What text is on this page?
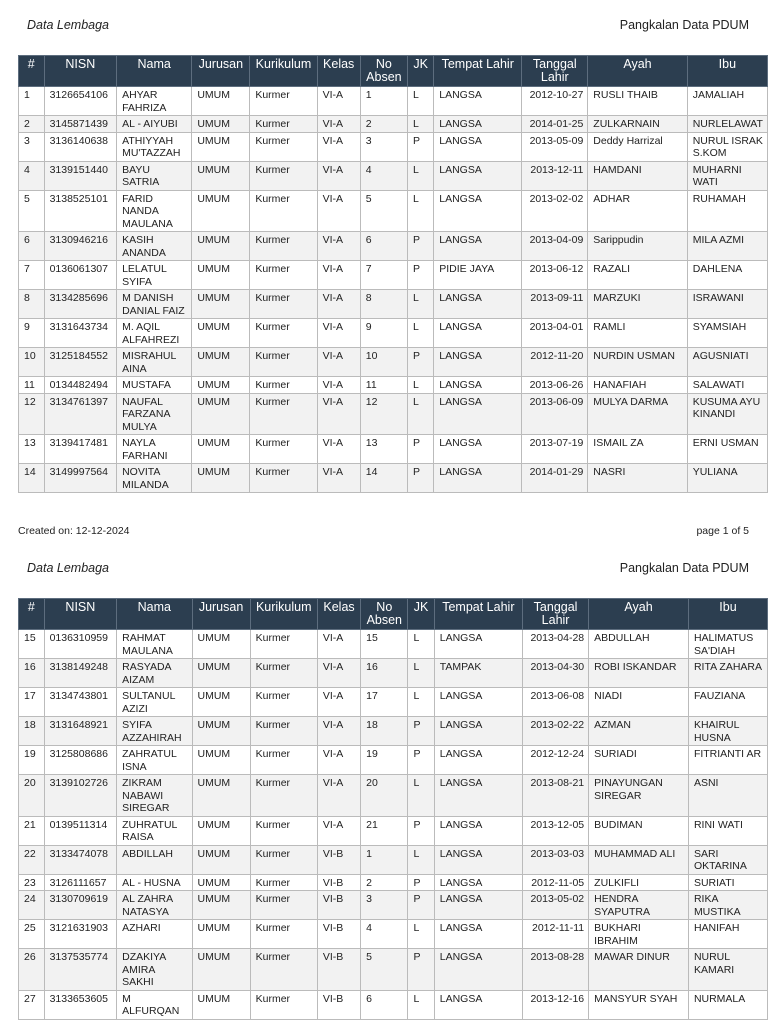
Data Lembaga	Pangkalan Data PDUM
#	NISN	Nama	Jurusan	Kurikulum	Kelas	No Absen	JK	Tempat Lahir	Tanggal Lahir	Ayah	Ibu
1	3126654106	AHYAR FAHRIZA	UMUM	Kurmer	VI-A	1	L	LANGSA	2012-10-27	RUSLI THAIB	JAMALIAH
2	3145871439	AL - AIYUBI	UMUM	Kurmer	VI-A	2	L	LANGSA	2014-01-25	ZULKARNAIN	NURLELAWAT
3	3136140638	ATHIYYAH MU'TAZZAH	UMUM	Kurmer	VI-A	3	P	LANGSA	2013-05-09	Deddy Harrizal	NURUL ISRAK S.KOM
4	3139151440	BAYU SATRIA	UMUM	Kurmer	VI-A	4	L	LANGSA	2013-12-11	HAMDANI	MUHARNI WATI
5	3138525101	FARID NANDA MAULANA	UMUM	Kurmer	VI-A	5	L	LANGSA	2013-02-02	ADHAR	RUHAMAH
6	3130946216	KASIH ANANDA	UMUM	Kurmer	VI-A	6	P	LANGSA	2013-04-09	Sarippudin	MILA AZMI
7	0136061307	LELATUL SYIFA	UMUM	Kurmer	VI-A	7	P	PIDIE JAYA	2013-06-12	RAZALI	DAHLENA
8	3134285696	M DANISH DANIAL FAIZ	UMUM	Kurmer	VI-A	8	L	LANGSA	2013-09-11	MARZUKI	ISRAWANI
9	3131643734	M. AQIL ALFAHREZI	UMUM	Kurmer	VI-A	9	L	LANGSA	2013-04-01	RAMLI	SYAMSIAH
10	3125184552	MISRAHUL AINA	UMUM	Kurmer	VI-A	10	P	LANGSA	2012-11-20	NURDIN USMAN	AGUSNIATI
11	0134482494	MUSTAFA	UMUM	Kurmer	VI-A	11	L	LANGSA	2013-06-26	HANAFIAH	SALAWATI
12	3134761397	NAUFAL FARZANA MULYA	UMUM	Kurmer	VI-A	12	L	LANGSA	2013-06-09	MULYA DARMA	KUSUMA AYU KINANDI
13	3139417481	NAYLA FARHANI	UMUM	Kurmer	VI-A	13	P	LANGSA	2013-07-19	ISMAIL ZA	ERNI USMAN
14	3149997564	NOVITA MILANDA	UMUM	Kurmer	VI-A	14	P	LANGSA	2014-01-29	NASRI	YULIANA
Created on: 12-12-2024	page 1 of 5
Data Lembaga	Pangkalan Data PDUM
#	NISN	Nama	Jurusan	Kurikulum	Kelas	No Absen	JK	Tempat Lahir	Tanggal Lahir	Ayah	Ibu
15	0136310959	RAHMAT MAULANA	UMUM	Kurmer	VI-A	15	L	LANGSA	2013-04-28	ABDULLAH	HALIMATUS SA'DIAH
16	3138149248	RASYADA AIZAM	UMUM	Kurmer	VI-A	16	L	TAMPAK	2013-04-30	ROBI ISKANDAR	RITA ZAHARA
17	3134743801	SULTANUL AZIZI	UMUM	Kurmer	VI-A	17	L	LANGSA	2013-06-08	NIADI	FAUZIANA
18	3131648921	SYIFA AZZAHIRAH	UMUM	Kurmer	VI-A	18	P	LANGSA	2013-02-22	AZMAN	KHAIRUL HUSNA
19	3125808686	ZAHRATUL ISNA	UMUM	Kurmer	VI-A	19	P	LANGSA	2012-12-24	SURIADI	FITRIANTI AR
20	3139102726	ZIKRAM NABAWI SIREGAR	UMUM	Kurmer	VI-A	20	L	LANGSA	2013-08-21	PINAYUNGAN SIREGAR	ASNI
21	0139511314	ZUHRATUL RAISA	UMUM	Kurmer	VI-A	21	P	LANGSA	2013-12-05	BUDIMAN	RINI WATI
22	3133474078	ABDILLAH	UMUM	Kurmer	VI-B	1	L	LANGSA	2013-03-03	MUHAMMAD ALI	SARI OKTARINA
23	3126111657	AL - HUSNA	UMUM	Kurmer	VI-B	2	P	LANGSA	2012-11-05	ZULKIFLI	SURIATI
24	3130709619	AL ZAHRA NATASYA	UMUM	Kurmer	VI-B	3	P	LANGSA	2013-05-02	HENDRA SYAPUTRA	RIKA MUSTIKA
25	3121631903	AZHARI	UMUM	Kurmer	VI-B	4	L	LANGSA	2012-11-11	BUKHARI IBRAHIM	HANIFAH
26	3137535774	DZAKIYA AMIRA SAKHI	UMUM	Kurmer	VI-B	5	P	LANGSA	2013-08-28	MAWAR DINUR	NURUL KAMARI
27	3133653605	M ALFURQAN	UMUM	Kurmer	VI-B	6	L	LANGSA	2013-12-16	MANSYUR SYAH	NURMALA
